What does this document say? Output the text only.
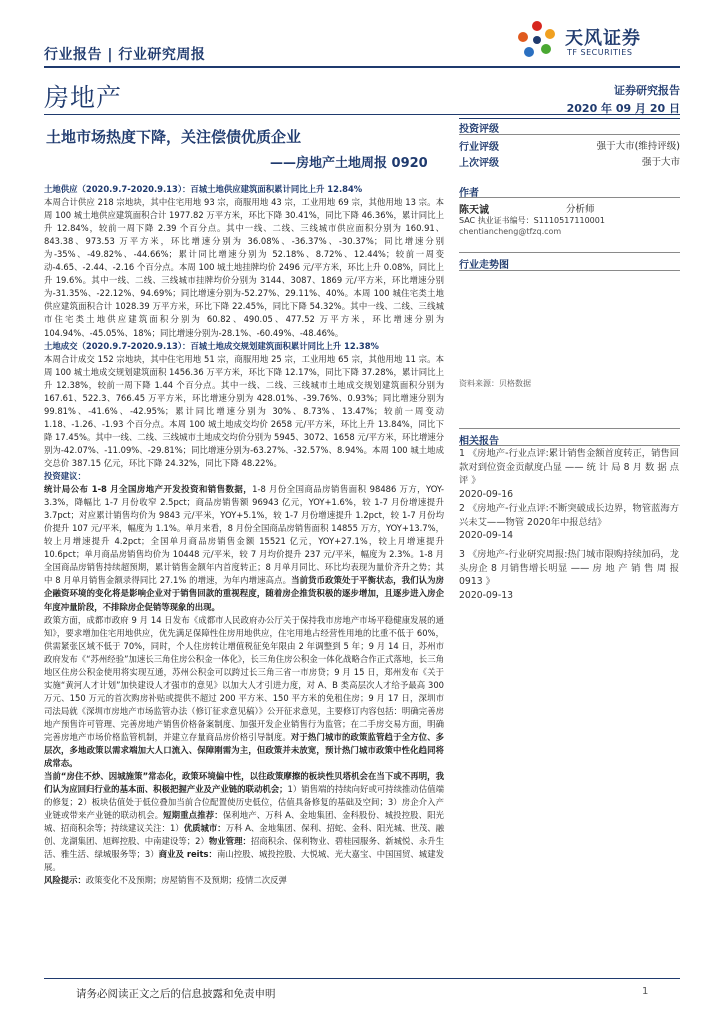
行业报告 | 行业研究周报
天风证券
TF SECURITIES
房地产	证券研究报告
2020 年 09 月 20 日
土地市场热度下降，关注偿债优质企业
——房地产土地周报 0920
投资评级
行业评级	强于大市(维持评级)
上次评级	强于大市
作者
陈天诚	分析师
SAC 执业证书编号：S1110517110001
chentiancheng@tfzq.com
行业走势图
资料来源：贝格数据
相关报告
1 《房地产-行业点评:累计销售金额首度转正，销售回款对到位资金贡献度凸显 —— 统 计 局 8 月 数 据 点 评 》
2020-09-16
2 《房地产-行业点评:不断突破成长边界，物管蓝海方兴未艾——物管 2020年中报总结》
2020-09-14
3 《房地产-行业研究周报:热门城市限购持续加码，龙头房企 8 月销售增长明显 —— 房 地 产 销 售 周 报 0913 》
2020-09-13

土地供应（2020.9.7-2020.9.13）：百城土地供应建筑面积累计同比上升 12.84%
本周合计供应 218 宗地块，其中住宅用地 93 宗，商服用地 43 宗，工业用地 69 宗，其他用地 13 宗。本周 100 城土地供应建筑面积合计 1977.82 万平方米，环比下降 30.41%，同比下降 46.36%，累计同比上升 12.84%，较前一周下降 2.39 个百分点。其中一线、二线、三线城市供应面积分别为 160.91、843.38、973.53 万平方米，环比增速分别为 36.08%、-36.37%、-30.37%；同比增速分别为-35%、-49.82%、-44.66%；累计同比增速分别为 52.18%、8.72%、12.44%；较前一周变动-4.65、-2.44、-2.16 个百分点。本周 100 城土地挂牌均价 2496 元/平方米，环比上升 0.08%，同比上升 19.6%。其中一线、二线、三线城市挂牌均价分别为 3144、3087、1869 元/平方米，环比增速分别为-31.35%、-22.12%、94.69%；同比增速分别为-52.27%、29.11%、40%。本周 100 城住宅类土地供应建筑面积合计 1028.39 万平方米，环比下降 22.45%，同比下降 54.32%。其中一线、二线、三线城市住宅类土地供应建筑面积分别为 60.82、490.05、477.52 万平方米，环比增速分别为 104.94%、-45.05%、18%；同比增速分别为-28.1%、-60.49%、-48.46%。

土地成交（2020.9.7-2020.9.13）：百城土地成交规划建筑面积累计同比上升 12.38%
本周合计成交 152 宗地块，其中住宅用地 51 宗，商服用地 25 宗，工业用地 65 宗，其他用地 11 宗。本周 100 城土地成交规划建筑面积 1456.36 万平方米，环比下降 12.17%，同比下降 37.28%，累计同比上升 12.38%，较前一周下降 1.44 个百分点。其中一线、二线、三线城市土地成交规划建筑面积分别为 167.61、522.3、766.45 万平方米，环比增速分别为 428.01%、-39.76%、0.93%；同比增速分别为 99.81%、-41.6%、-42.95%；累计同比增速分别为 30%、8.73%、13.47%；较前一周变动 1.18、-1.26、-1.93 个百分点。本周 100 城土地成交均价 2658 元/平方米，环比上升 13.84%，同比下降 17.45%。其中一线、二线、三线城市土地成交均价分别为 5945、3072、1658 元/平方米，环比增速分别为-42.07%、-11.09%、-29.81%；同比增速分别为-63.27%、-32.57%、8.94%。本周 100 城土地成交总价 387.15 亿元，环比下降 24.32%，同比下降 48.22%。

投资建议：
统计局公布 1-8 月全国房地产开发投资和销售数据，1-8 月份全国商品房销售面积 98486 万方，YOY-3.3%，降幅比 1-7 月份收窄 2.5pct；商品房销售额 96943 亿元，YOY+1.6%，较 1-7 月份增速提升 3.7pct；对应累计销售均价为 9843 元/平米，YOY+5.1%，较 1-7 月份增速提升 1.2pct，较 1-7 月份均价提升 107 元/平米，幅度为 1.1%。单月来看，8 月份全国商品房销售面积 14855 万方，YOY+13.7%，较上月增速提升 4.2pct；全国单月商品房销售金额 15521 亿元，YOY+27.1%，较上月增速提升 10.6pct；单月商品房销售均价为 10448 元/平米，较 7 月均价提升 237 元/平米，幅度为 2.3%。1-8 月全国商品房销售持续超预期，累计销售金额年内首度转正；8 月单月同比、环比均表现为量价齐升之势；其中 8 月单月销售金额录得同比 27.1% 的增速，为年内增速高点。当前货币政策处于平衡状态，我们认为房企融资环境的变化将是影响企业对于销售回款的重视程度，随着房企推货积极的逐步增加，且逐步进入房企年度冲量阶段，不排除房企促销等现象的出现。

政策方面，成都市政府 9 月 14 日发布《成都市人民政府办公厅关于保持我市房地产市场平稳健康发展的通知》，要求增加住宅用地供应，优先满足保障性住房用地供应，住宅用地占经营性用地的比重不低于 60%，供需紧张区域不低于 70%，同时，个人住房转让增值税征免年限由 2 年调整到 5 年；9 月 14 日，苏州市政府发布《“苏州经验”加速长三角住房公积金一体化》，长三角住房公积金一体化战略合作正式落地，长三角地区住房公积金使用将实现互通，苏州公积金可以跨过长三角三省一市房贷；9 月 15 日，郑州发布《关于实施“黄河人才计划”加快建设人才强市的意见》以加大人才引进力度，对 A、B 类高层次人才给予最高 300 万元、150 万元的首次购房补贴或提供不超过 200 平方米、150 平方米的免租住房；9 月 17 日，深圳市司法局就《深圳市房地产市场监管办法（修订征求意见稿）》公开征求意见，主要修订内容包括：明确完善房地产预售许可管理、完善房地产销售价格备案制度、加强开发企业销售行为监管；在二手房交易方面，明确完善房地产市场价格监管机制，并建立存量商品房价格引导制度。对于热门城市的政策监管趋于全方位、多层次，多地政策以需求端加大人口流入、保障刚需为主，但政策并未放宽，预计热门城市政策中性化趋同将成常态。

当前“房住不炒、因城施策”常态化，政策环境偏中性，以往政策摩擦的板块性贝塔机会在当下或不再明，我们认为应回归行业的基本面、积极把握产业及产业链的联动机会；1）销售端的持续向好或可持续推动估值端的修复；2）板块估值处于低位叠加当前合位配置使历史低位，估值具备修复的基础及空间；3）房企介入产业链或带来产业链的联动机会。短期重点推荐：保利地产、万科 A、金地集团、金科股份、城投控股、阳光城、招商积余等；持续建议关注：1）优质城市：万科 A、金地集团、保利、招蛇、金科、阳光城、世茂、融创、龙湖集团、旭辉控股、中南建设等；2）物业管理：招商积余、保利物业、碧桂园服务、新城悦、永升生活、雅生活、绿城服务等；3）商业及 reits：南山控股、城投控股、大悦城、光大嘉宝、中国国贸、城建发展。

风险提示：政策变化不及预期；房屋销售不及预期；疫情二次反弹

请务必阅读正文之后的信息披露和免责申明	1
